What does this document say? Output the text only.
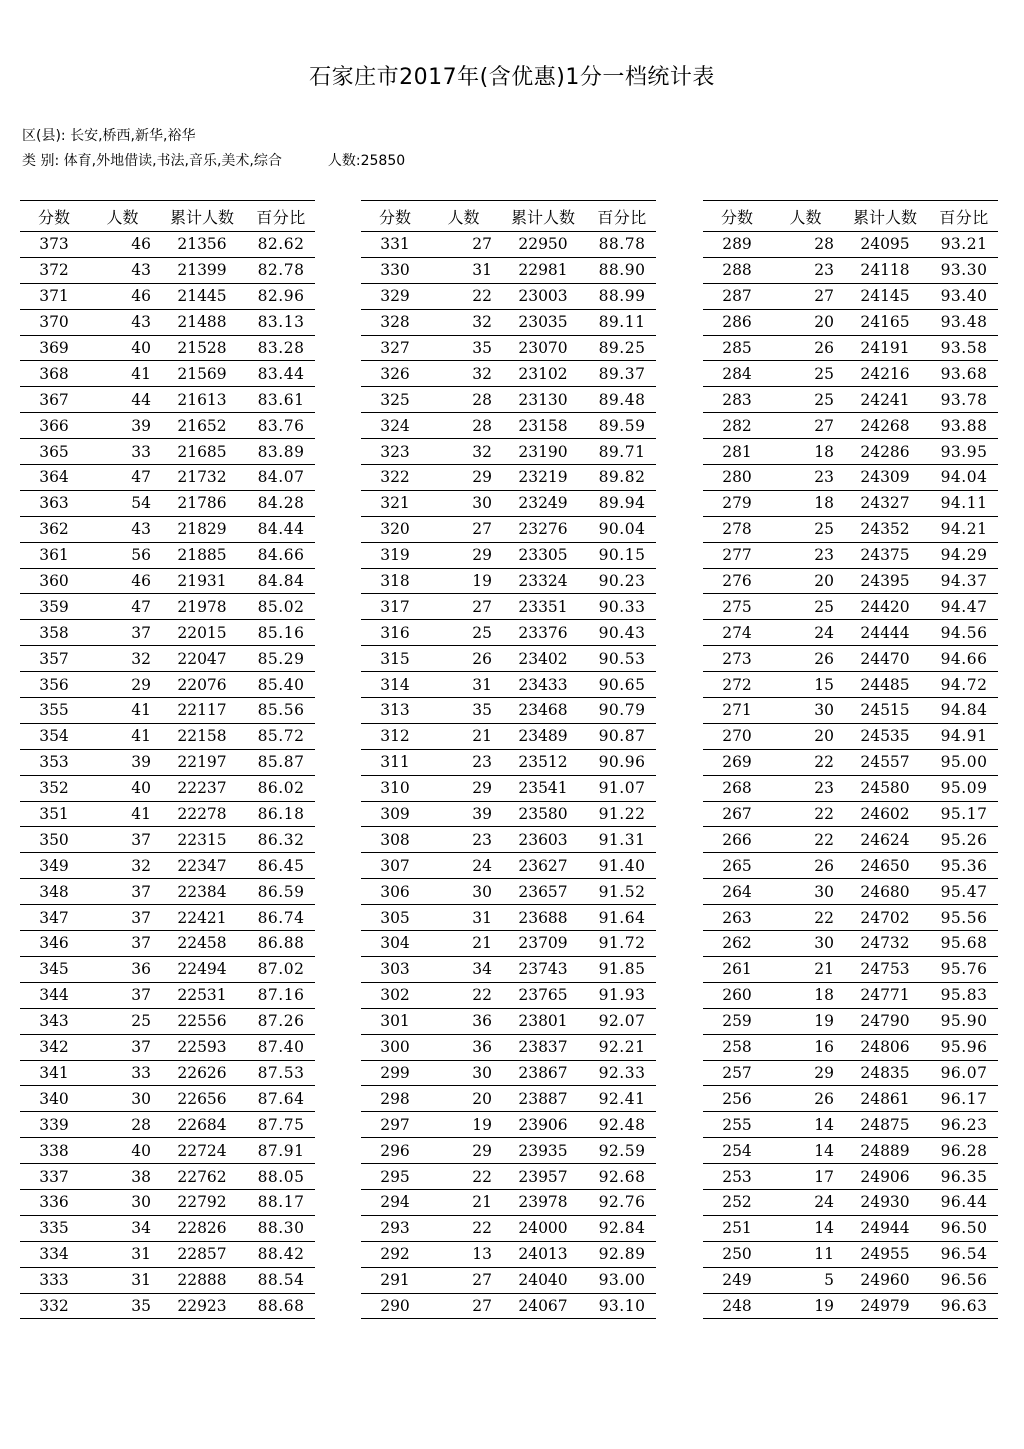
石家庄市2017年(含优惠)1分一档统计表
区(县): 长安,桥西,新华,裕华
类 别: 体育,外地借读,书法,音乐,美术,综合	人数:25850
分数	人数	累计人数	百分比
373	46	21356	82.62
372	43	21399	82.78
371	46	21445	82.96
370	43	21488	83.13
369	40	21528	83.28
368	41	21569	83.44
367	44	21613	83.61
366	39	21652	83.76
365	33	21685	83.89
364	47	21732	84.07
363	54	21786	84.28
362	43	21829	84.44
361	56	21885	84.66
360	46	21931	84.84
359	47	21978	85.02
358	37	22015	85.16
357	32	22047	85.29
356	29	22076	85.40
355	41	22117	85.56
354	41	22158	85.72
353	39	22197	85.87
352	40	22237	86.02
351	41	22278	86.18
350	37	22315	86.32
349	32	22347	86.45
348	37	22384	86.59
347	37	22421	86.74
346	37	22458	86.88
345	36	22494	87.02
344	37	22531	87.16
343	25	22556	87.26
342	37	22593	87.40
341	33	22626	87.53
340	30	22656	87.64
339	28	22684	87.75
338	40	22724	87.91
337	38	22762	88.05
336	30	22792	88.17
335	34	22826	88.30
334	31	22857	88.42
333	31	22888	88.54
332	35	22923	88.68
分数	人数	累计人数	百分比
331	27	22950	88.78
330	31	22981	88.90
329	22	23003	88.99
328	32	23035	89.11
327	35	23070	89.25
326	32	23102	89.37
325	28	23130	89.48
324	28	23158	89.59
323	32	23190	89.71
322	29	23219	89.82
321	30	23249	89.94
320	27	23276	90.04
319	29	23305	90.15
318	19	23324	90.23
317	27	23351	90.33
316	25	23376	90.43
315	26	23402	90.53
314	31	23433	90.65
313	35	23468	90.79
312	21	23489	90.87
311	23	23512	90.96
310	29	23541	91.07
309	39	23580	91.22
308	23	23603	91.31
307	24	23627	91.40
306	30	23657	91.52
305	31	23688	91.64
304	21	23709	91.72
303	34	23743	91.85
302	22	23765	91.93
301	36	23801	92.07
300	36	23837	92.21
299	30	23867	92.33
298	20	23887	92.41
297	19	23906	92.48
296	29	23935	92.59
295	22	23957	92.68
294	21	23978	92.76
293	22	24000	92.84
292	13	24013	92.89
291	27	24040	93.00
290	27	24067	93.10
分数	人数	累计人数	百分比
289	28	24095	93.21
288	23	24118	93.30
287	27	24145	93.40
286	20	24165	93.48
285	26	24191	93.58
284	25	24216	93.68
283	25	24241	93.78
282	27	24268	93.88
281	18	24286	93.95
280	23	24309	94.04
279	18	24327	94.11
278	25	24352	94.21
277	23	24375	94.29
276	20	24395	94.37
275	25	24420	94.47
274	24	24444	94.56
273	26	24470	94.66
272	15	24485	94.72
271	30	24515	94.84
270	20	24535	94.91
269	22	24557	95.00
268	23	24580	95.09
267	22	24602	95.17
266	22	24624	95.26
265	26	24650	95.36
264	30	24680	95.47
263	22	24702	95.56
262	30	24732	95.68
261	21	24753	95.76
260	18	24771	95.83
259	19	24790	95.90
258	16	24806	95.96
257	29	24835	96.07
256	26	24861	96.17
255	14	24875	96.23
254	14	24889	96.28
253	17	24906	96.35
252	24	24930	96.44
251	14	24944	96.50
250	11	24955	96.54
249	5	24960	96.56
248	19	24979	96.63
